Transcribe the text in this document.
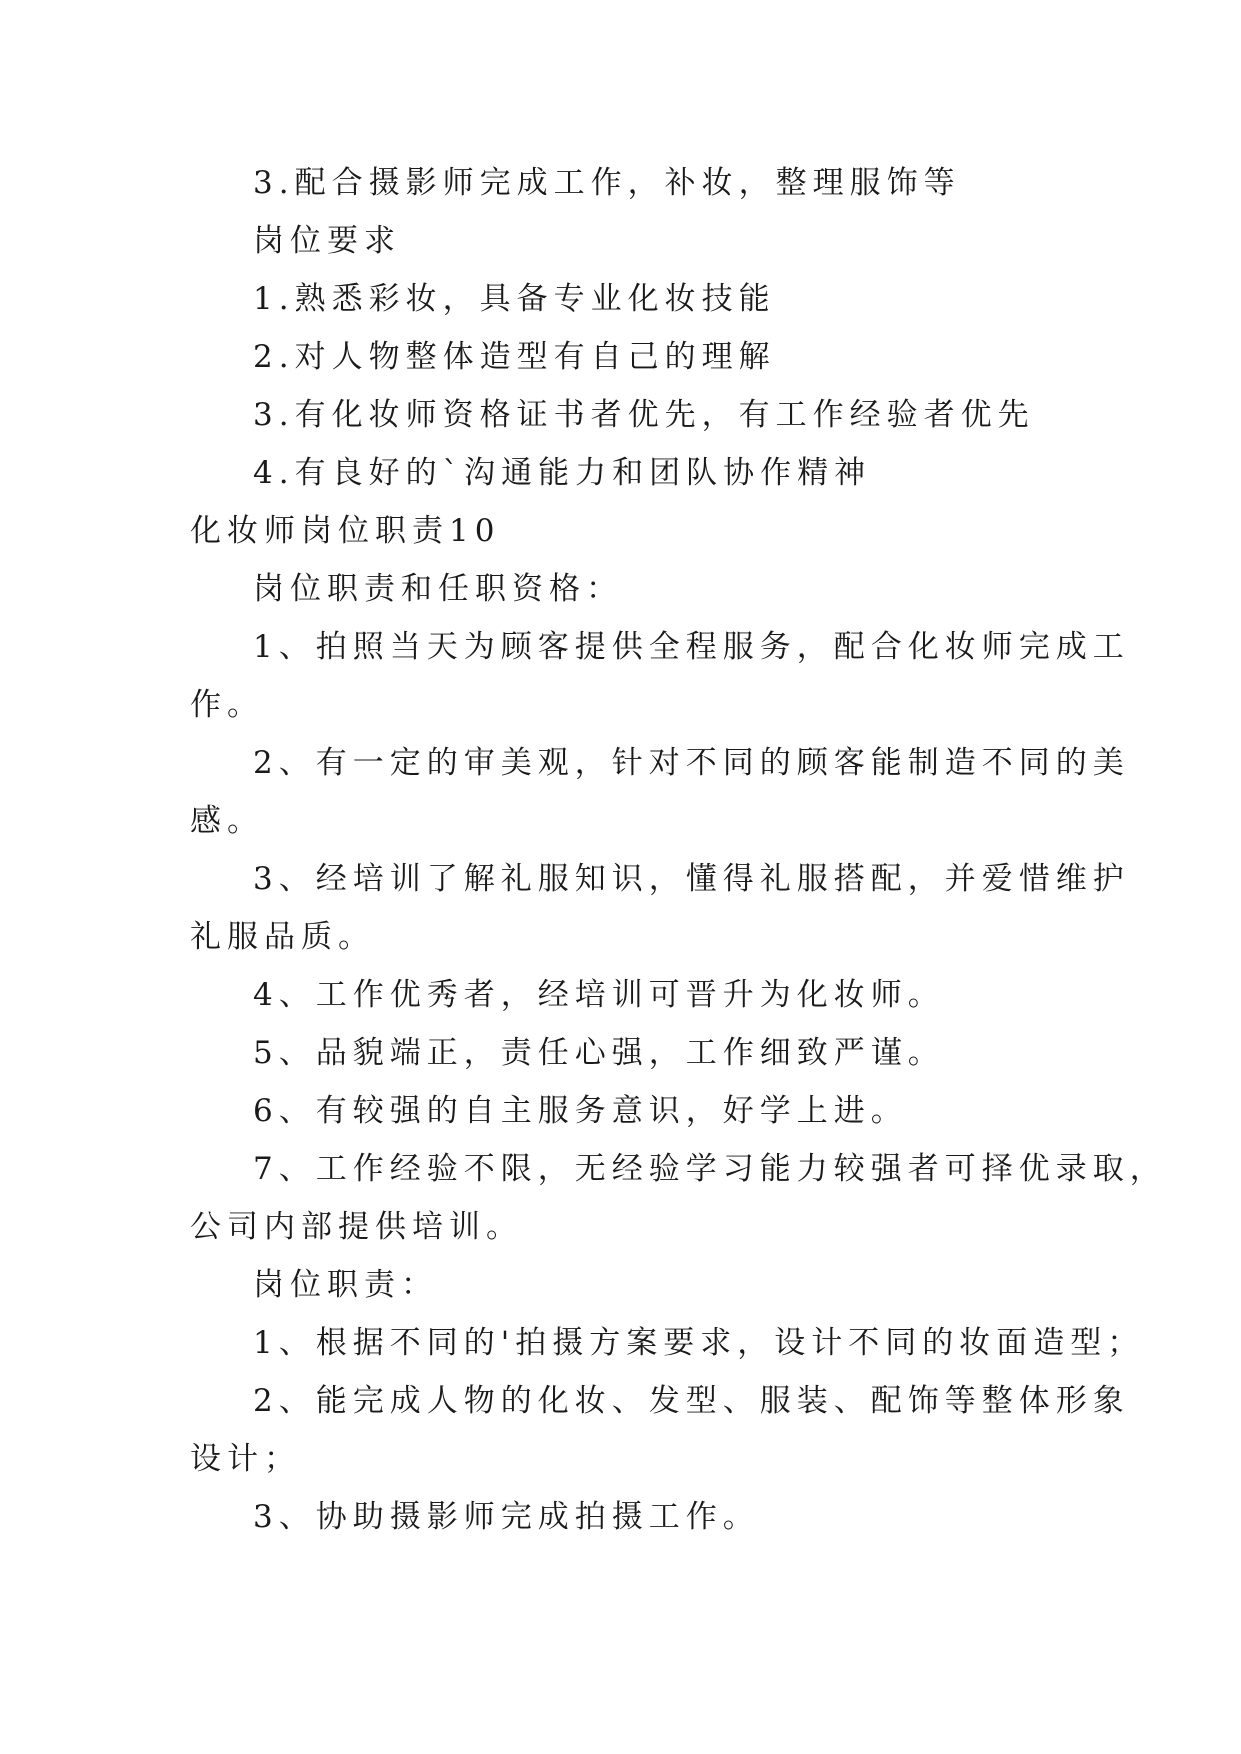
3.配合摄影师完成工作，补妆，整理服饰等
岗位要求
1.熟悉彩妆，具备专业化妆技能
2.对人物整体造型有自己的理解
3.有化妆师资格证书者优先，有工作经验者优先
4.有良好的`沟通能力和团队协作精神
化妆师岗位职责10
岗位职责和任职资格：
1、拍照当天为顾客提供全程服务，配合化妆师完成工
作。
2、有一定的审美观，针对不同的顾客能制造不同的美
感。
3、经培训了解礼服知识，懂得礼服搭配，并爱惜维护
礼服品质。
4、工作优秀者，经培训可晋升为化妆师。
5、品貌端正，责任心强，工作细致严谨。
6、有较强的自主服务意识，好学上进。
7、工作经验不限，无经验学习能力较强者可择优录取，
公司内部提供培训。
岗位职责：
1、根据不同的'拍摄方案要求，设计不同的妆面造型；
2、能完成人物的化妆、发型、服装、配饰等整体形象
设计；
3、协助摄影师完成拍摄工作。
